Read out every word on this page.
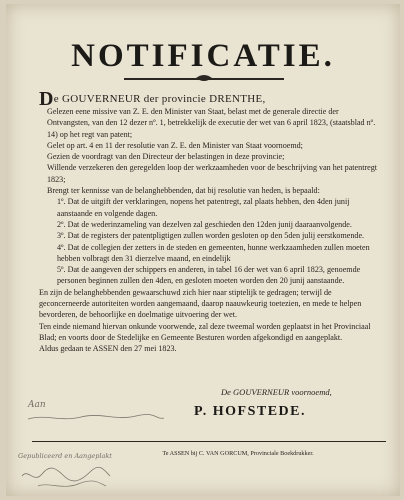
NOTIFICATIE.

De GOUVERNEUR der provincie DRENTHE,

Gelezen eene missive van Z. E. den Minister van Staat, belast met de generale directie der Ontvangsten, van den 12 dezer nº. 1, betrekkelijk de executie der wet van 6 april 1823, (staatsblad nº. 14) op het regt van patent;

Gelet op art. 4 en 11 der resolutie van Z. E. den Minister van Staat voornoemd;

Gezien de voordragt van den Directeur der belastingen in deze provincie;

Willende verzekeren den geregelden loop der werkzaamheden voor de beschrijving van het patentregt 1823;

Brengt ter kennisse van de belanghebbenden, dat bij resolutie van heden, is bepaald:

1º. Dat de uitgift der verklaringen, nopens het patentregt, zal plaats hebben, den 4den junij aanstaande en volgende dagen.

2º. Dat de wederinzameling van dezelven zal geschieden den 12den junij daaraanvolgende.

3º. Dat de registers der patentpligtigen zullen worden gesloten op den 5den julij eerstkomende.

4º. Dat de collegien der zetters in de steden en gemeenten, hunne werkzaamheden zullen moeten hebben volbragt den 31 dierzelve maand, en eindelijk

5º. Dat de aangeven der schippers en anderen, in tabel 16 der wet van 6 april 1823, genoemde personen beginnen zullen den 4den, en gesloten moeten worden den 20 junij aanstaande.

En zijn de belanghebbenden gewaarschuwd zich hier naar stiptelijk te gedragen; terwijl de geconcerneerde autoriteiten worden aangemaand, daarop naauwkeurig toetezien, en mede te helpen bevorderen, de behoorlijke en doelmatige uitvoering der wet.

Ten einde niemand hiervan onkunde voorwende, zal deze tweemal worden geplaatst in het Provinciaal Blad; en voorts door de Stedelijke en Gemeente Besturen worden afgekondigd en aangeplakt.

Aldus gedaan te ASSEN den 27 mei 1823.

De GOUVERNEUR voornoemd,
P. HOFSTEDE.
Aan
Te ASSEN bij C. VAN GORCUM, Provinciale Boekdrukker.
Gepubliceerd en Aangeplakt
